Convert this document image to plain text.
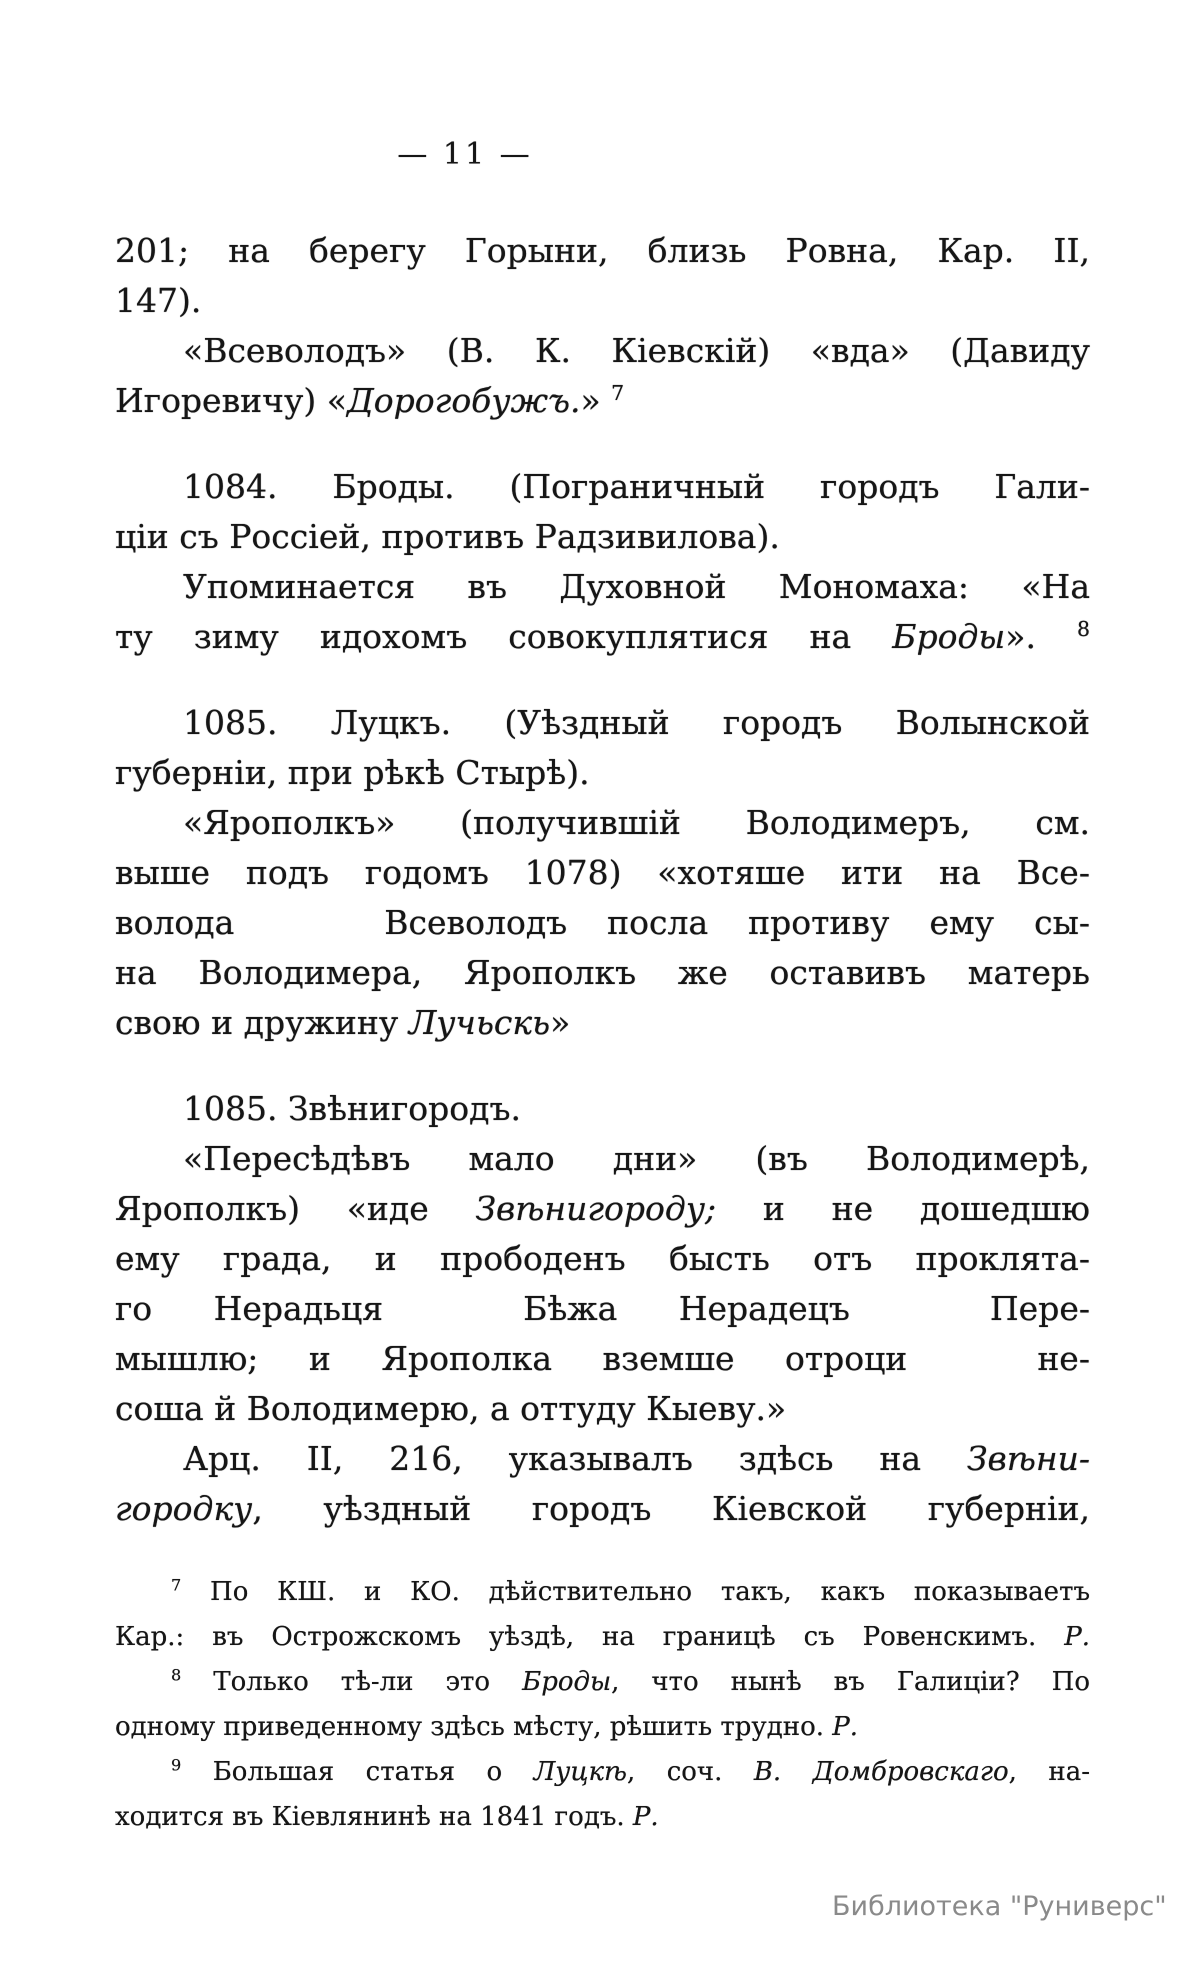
— 11 —
201; на берегу Горыни, близь Ровна, Кар. II,
147).
«Всеволодъ» (В. К. Кіевскій) «вда» (Давиду
Игоревичу) «Дорогобужъ.» $^7$
1084. Броды. (Пограничный городъ Гали-
ціи съ Россіей, противъ Радзивилова).
Упоминается въ Духовной Мономаха: «На
ту зиму идохомъ совокуплятися на Броды». $^8$
1085. Луцкъ. (Уѣздный городъ Волынской
губерніи, при рѣкѣ Стырѣ).
«Ярополкъ» (получившій Володимеръ, см.
выше подъ годомъ 1078) «хотяше ити на Все-
волода	Всеволодъ посла противу ему сы-
на Володимера, Ярополкъ же оставивъ матерь
свою и дружину Лучьскь»
1085. Звѣнигородъ.
«Пересѣдѣвъ мало дни» (въ Володимерѣ,
Ярополкъ) «иде Звѣнигороду; и не дошедшю
ему града, и прободенъ бысть отъ проклята-
го Нерадьця	Бѣжа Нерадецъ	Пере-
мышлю; и Ярополка вземше отроци	не-
соша й Володимерю, а оттуду Кыеву.»
Арц. II, 216, указывалъ здѣсь на Звѣни-
городку, уѣздный городъ Кіевской губерніи,
$^7$ По КШ. и КО. дѣйствительно такъ, какъ показываетъ
Кар.: въ Острожскомъ уѣздѣ, на границѣ съ Ровенскимъ. Р.
$^8$ Только тѣ-ли это Броды, что нынѣ въ Галиціи? По
одному приведенному здѣсь мѣсту, рѣшить трудно. Р.
$^9$ Большая статья о Луцкѣ, соч. В. Домбровскаго, на-
ходится въ Кіевлянинѣ на 1841 годъ. Р.
Библиотека "Руниверс"
